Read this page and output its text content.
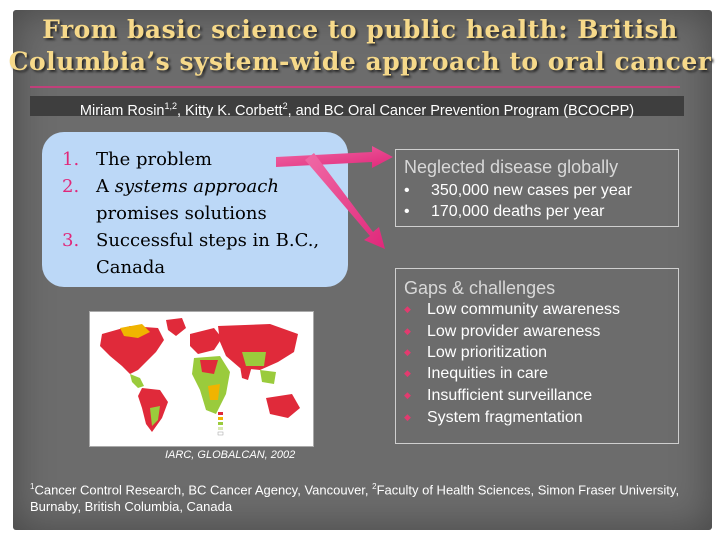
From basic science to public health: British
Columbia’s system-wide approach to oral cancer
Miriam Rosin$^{1,2}$, Kitty K. Corbett$^2$, and BC Oral Cancer Prevention Program (BCOCPP)
1. The problem
2. A systems approach promises solutions
3. Successful steps in B.C., Canada
Neglected disease globally
• 350,000 new cases per year
• 170,000 deaths per year
Gaps & challenges
◆ Low community awareness
◆ Low provider awareness
◆ Low prioritization
◆ Inequities in care
◆ Insufficient surveillance
◆ System fragmentation
IARC, GLOBALCAN, 2002
$^1$Cancer Control Research, BC Cancer Agency, Vancouver, $^2$Faculty of Health Sciences, Simon Fraser University, Burnaby, British Columbia, Canada
